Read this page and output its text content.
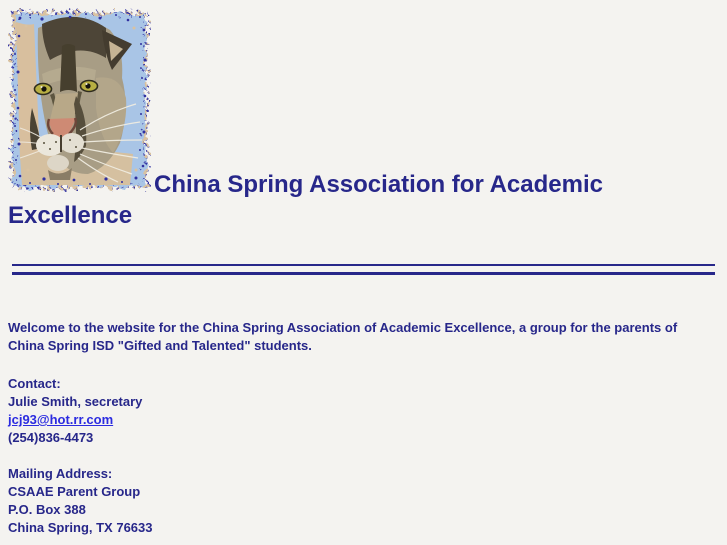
China Spring Association for Academic Excellence

Welcome to the website for the China Spring Association of Academic Excellence, a group for the parents of
China Spring ISD "Gifted and Talented" students.

Contact:
Julie Smith, secretary
jcj93@hot.rr.com
(254)836-4473
Mailing Address:
CSAAE Parent Group
P.O. Box 388
China Spring, TX 76633
